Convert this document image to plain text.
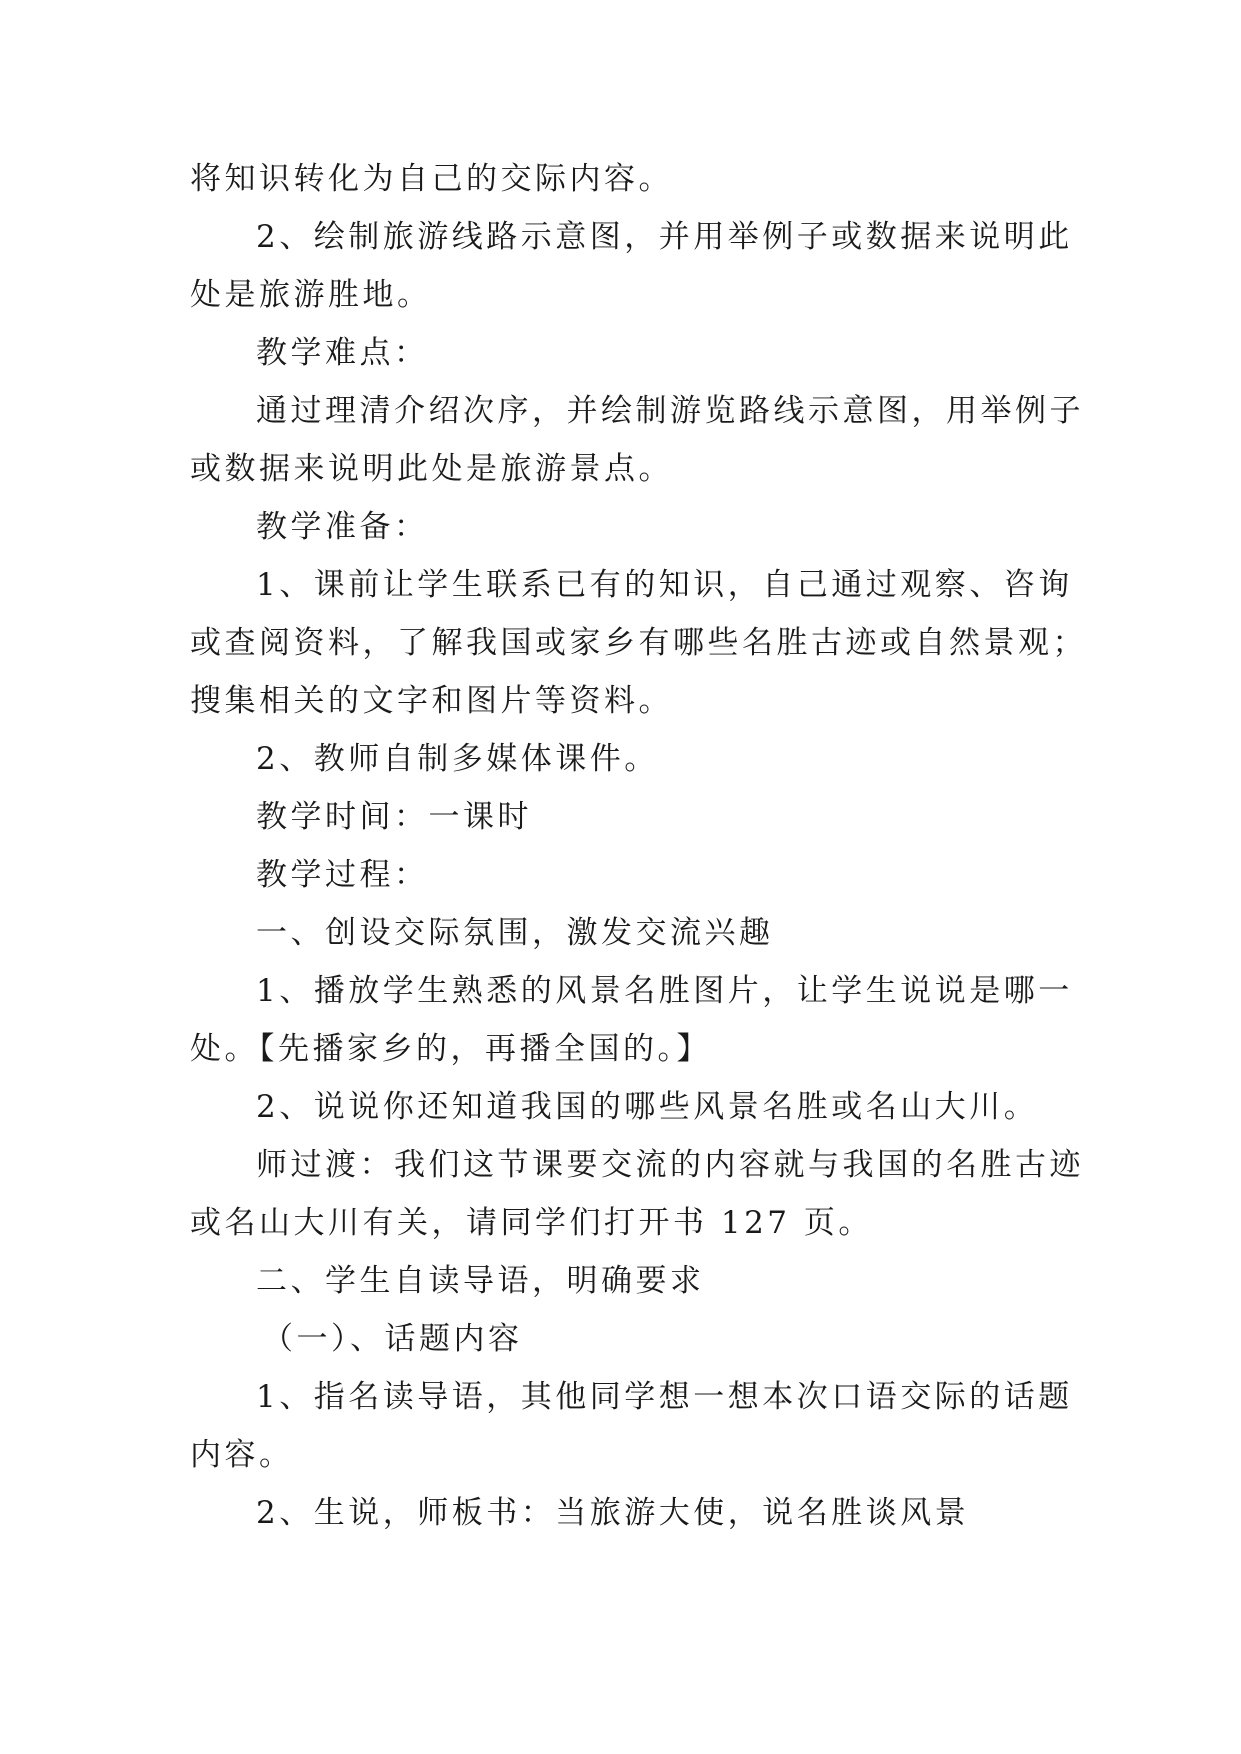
将知识转化为自己的交际内容。
2、绘制旅游线路示意图，并用举例子或数据来说明此
处是旅游胜地。
教学难点：
通过理清介绍次序，并绘制游览路线示意图，用举例子
或数据来说明此处是旅游景点。
教学准备：
1、课前让学生联系已有的知识，自己通过观察、咨询
或查阅资料，了解我国或家乡有哪些名胜古迹或自然景观；
搜集相关的文字和图片等资料。
2、教师自制多媒体课件。
教学时间：一课时
教学过程：
一、创设交际氛围，激发交流兴趣
1、播放学生熟悉的风景名胜图片，让学生说说是哪一
处。【先播家乡的，再播全国的。】
2、说说你还知道我国的哪些风景名胜或名山大川。
师过渡：我们这节课要交流的内容就与我国的名胜古迹
或名山大川有关，请同学们打开书 127 页。
二、学生自读导语，明确要求
（一）、话题内容
1、指名读导语，其他同学想一想本次口语交际的话题
内容。
2、生说，师板书：当旅游大使，说名胜谈风景
